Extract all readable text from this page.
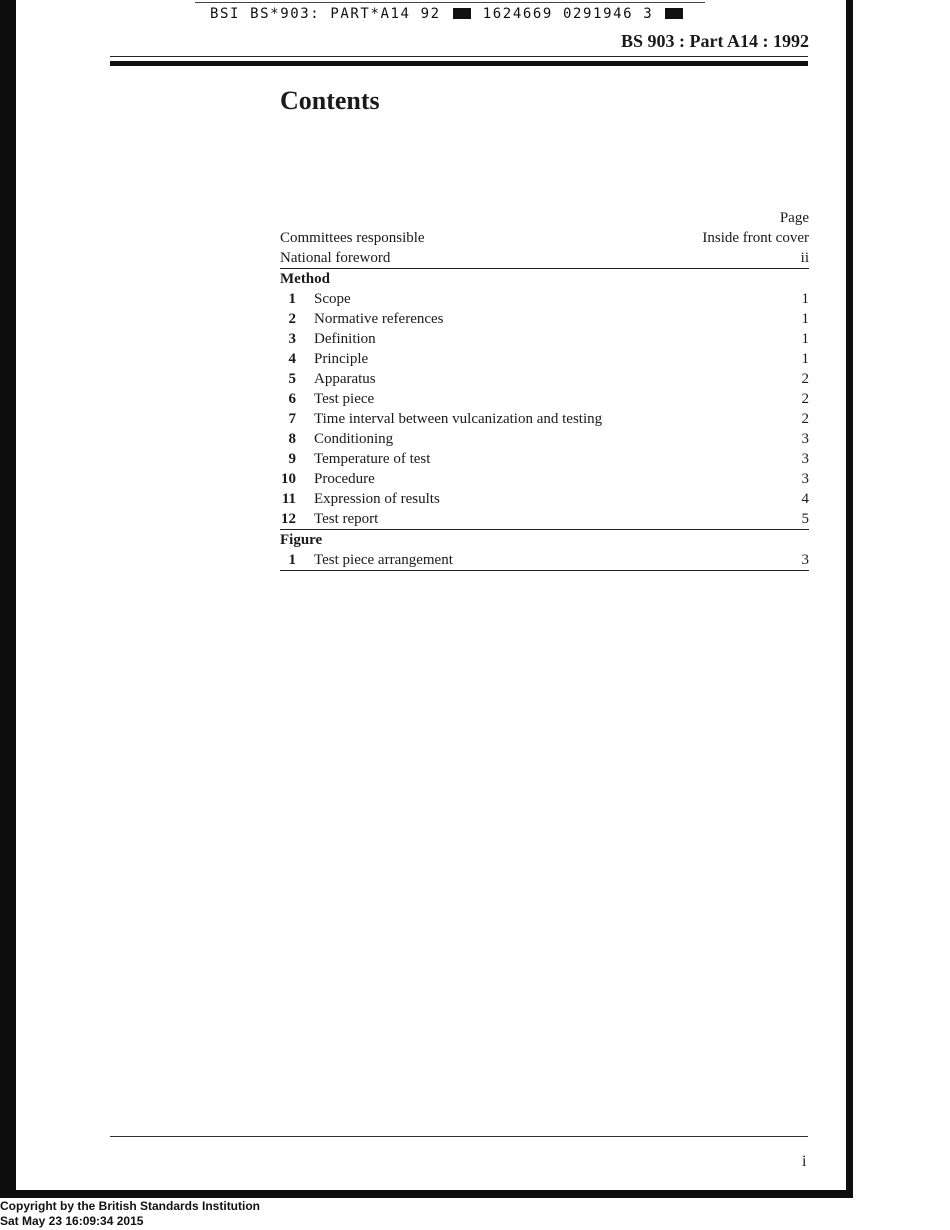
BSI BS*903: PART*A14 92	1624669 0291946 3
BS 903 : Part A14 : 1992
Contents
Page
Committees responsible	Inside front cover
National foreword	ii
Method
1 Scope	1
2 Normative references	1
3 Definition	1
4 Principle	1
5 Apparatus	2
6 Test piece	2
7 Time interval between vulcanization and testing	2
8 Conditioning	3
9 Temperature of test	3
10 Procedure	3
11 Expression of results	4
12 Test report	5
Figure
1 Test piece arrangement	3
i
Copyright by the British Standards Institution
Sat May 23 16:09:34 2015
